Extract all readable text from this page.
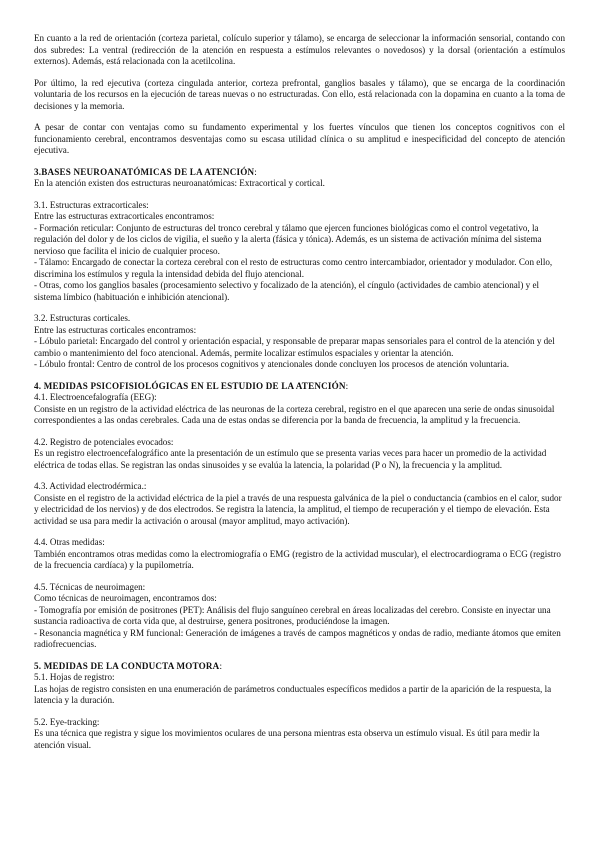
En cuanto a la red de orientación (corteza parietal, colículo superior y tálamo), se encarga de seleccionar la información sensorial, contando con dos subredes: La ventral (redirección de la atención en respuesta a estímulos relevantes o novedosos) y la dorsal (orientación a estímulos externos). Además, está relacionada con la acetilcolina.

Por último, la red ejecutiva (corteza cingulada anterior, corteza prefrontal, ganglios basales y tálamo), que se encarga de la coordinación voluntaria de los recursos en la ejecución de tareas nuevas o no estructuradas. Con ello, está relacionada con la dopamina en cuanto a la toma de decisiones y la memoria.

A pesar de contar con ventajas como su fundamento experimental y los fuertes vínculos que tienen los conceptos cognitivos con el funcionamiento cerebral, encontramos desventajas como su escasa utilidad clínica o su amplitud e inespecificidad del concepto de atención ejecutiva.

3.BASES NEUROANATÓMICAS DE LA ATENCIÓN:
En la atención existen dos estructuras neuroanatómicas: Extracortical y cortical.
3.1. Estructuras extracorticales:
Entre las estructuras extracorticales encontramos:
- Formación reticular: Conjunto de estructuras del tronco cerebral y tálamo que ejercen funciones biológicas como el control vegetativo, la regulación del dolor y de los ciclos de vigilia, el sueño y la alerta (fásica y tónica). Además, es un sistema de activación mínima del sistema nervioso que facilita el inicio de cualquier proceso.
- Tálamo: Encargado de conectar la corteza cerebral con el resto de estructuras como centro intercambiador, orientador y modulador. Con ello, discrimina los estímulos y regula la intensidad debida del flujo atencional.
- Otras, como los ganglios basales (procesamiento selectivo y focalizado de la atención), el cíngulo (actividades de cambio atencional) y el sistema límbico (habituación e inhibición atencional).
3.2. Estructuras corticales.
Entre las estructuras corticales encontramos:
- Lóbulo parietal: Encargado del control y orientación espacial, y responsable de preparar mapas sensoriales para el control de la atención y del cambio o mantenimiento del foco atencional. Además, permite localizar estímulos espaciales y orientar la atención.
- Lóbulo frontal: Centro de control de los procesos cognitivos y atencionales donde concluyen los procesos de atención voluntaria.
4. MEDIDAS PSICOFISIOLÓGICAS EN EL ESTUDIO DE LA ATENCIÓN:
4.1. Electroencefalografía (EEG):
Consiste en un registro de la actividad eléctrica de las neuronas de la corteza cerebral, registro en el que aparecen una serie de ondas sinusoidal correspondientes a las ondas cerebrales. Cada una de estas ondas se diferencia por la banda de frecuencia, la amplitud y la frecuencia.
4.2. Registro de potenciales evocados:
Es un registro electroencefalográfico ante la presentación de un estímulo que se presenta varias veces para hacer un promedio de la actividad eléctrica de todas ellas. Se registran las ondas sinusoides y se evalúa la latencia, la polaridad (P o N), la frecuencia y la amplitud.
4.3. Actividad electrodérmica.:
Consiste en el registro de la actividad eléctrica de la piel a través de una respuesta galvánica de la piel o conductancia (cambios en el calor, sudor y electricidad de los nervios) y de dos electrodos. Se registra la latencia, la amplitud, el tiempo de recuperación y el tiempo de elevación. Esta actividad se usa para medir la activación o arousal (mayor amplitud, mayo activación).
4.4. Otras medidas:
También encontramos otras medidas como la electromiografía o EMG (registro de la actividad muscular), el electrocardiograma o ECG (registro de la frecuencia cardíaca) y la pupilometría.
4.5. Técnicas de neuroimagen:
Como técnicas de neuroimagen, encontramos dos:
- Tomografía por emisión de positrones (PET): Análisis del flujo sanguíneo cerebral en áreas localizadas del cerebro. Consiste en inyectar una sustancia radioactiva de corta vida que, al destruirse, genera positrones, produciéndose la imagen.
- Resonancia magnética y RM funcional: Generación de imágenes a través de campos magnéticos y ondas de radio, mediante átomos que emiten radiofrecuencias.
5. MEDIDAS DE LA CONDUCTA MOTORA:
5.1. Hojas de registro:
Las hojas de registro consisten en una enumeración de parámetros conductuales específicos medidos a partir de la aparición de la respuesta, la latencia y la duración.
5.2. Eye-tracking:
Es una técnica que registra y sigue los movimientos oculares de una persona mientras esta observa un estímulo visual. Es útil para medir la atención visual.
